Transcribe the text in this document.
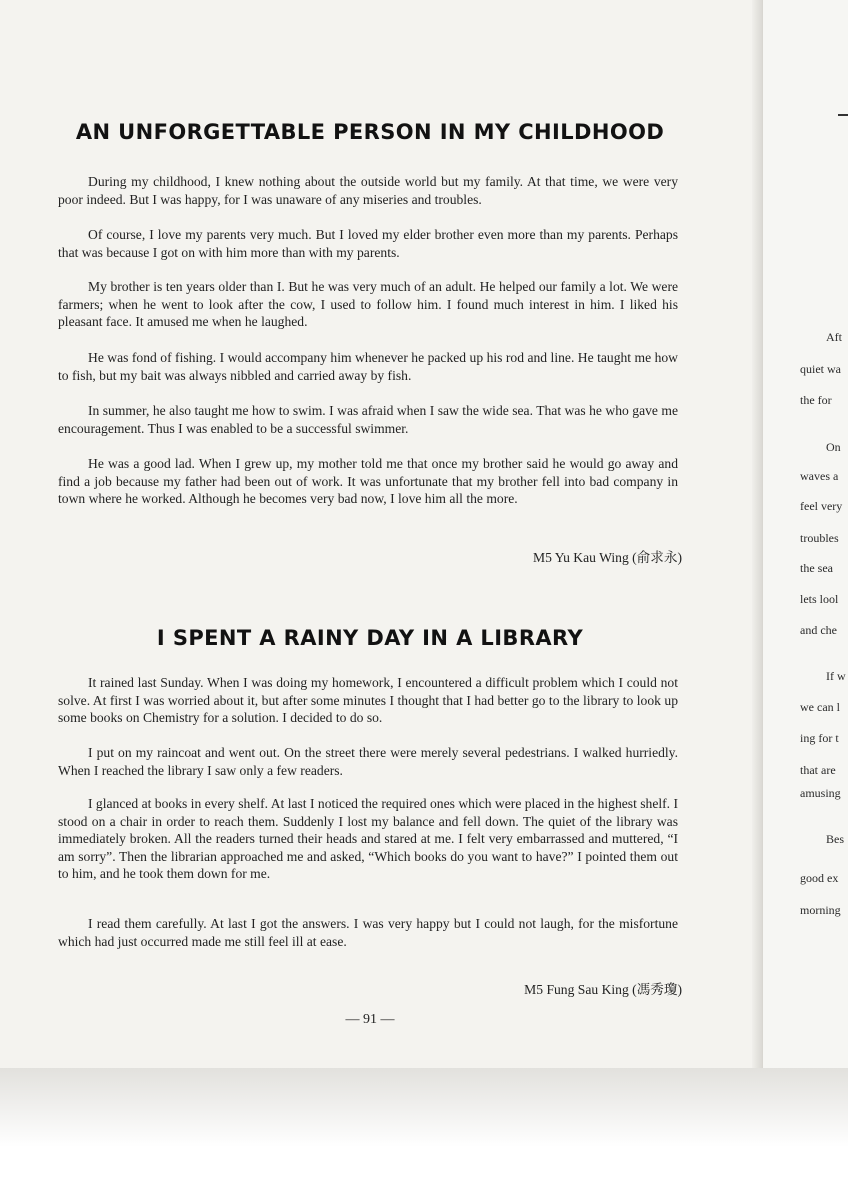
AN UNFORGETTABLE PERSON IN MY CHILDHOOD

During my childhood, I knew nothing about the outside world but my family. At that time, we were very poor indeed. But I was happy, for I was unaware of any miseries and troubles.

Of course, I love my parents very much. But I loved my elder brother even more than my parents. Perhaps that was because I got on with him more than with my parents.

My brother is ten years older than I. But he was very much of an adult. He helped our family a lot. We were farmers; when he went to look after the cow, I used to follow him. I found much interest in him. I liked his pleasant face. It amused me when he laughed.

He was fond of fishing. I would accompany him whenever he packed up his rod and line. He taught me how to fish, but my bait was always nibbled and carried away by fish.

In summer, he also taught me how to swim. I was afraid when I saw the wide sea. That was he who gave me encouragement. Thus I was enabled to be a successful swimmer.

He was a good lad. When I grew up, my mother told me that once my brother said he would go away and find a job because my father had been out of work. It was unfortunate that my brother fell into bad company in town where he worked. Although he becomes very bad now, I love him all the more.

M5 Yu Kau Wing (俞求永)

I SPENT A RAINY DAY IN A LIBRARY

It rained last Sunday. When I was doing my homework, I encountered a difficult problem which I could not solve. At first I was worried about it, but after some minutes I thought that I had better go to the library to look up some books on Chemistry for a solution. I decided to do so.

I put on my raincoat and went out. On the street there were merely several pedestrians. I walked hurriedly. When I reached the library I saw only a few readers.

I glanced at books in every shelf. At last I noticed the required ones which were placed in the highest shelf. I stood on a chair in order to reach them. Suddenly I lost my balance and fell down. The quiet of the library was immediately broken. All the readers turned their heads and stared at me. I felt very embarrassed and muttered, “I am sorry”. Then the librarian approached me and asked, “Which books do you want to have?” I pointed them out to him, and he took them down for me.

I read them carefully. At last I got the answers. I was very happy but I could not laugh, for the misfortune which had just occurred made me still feel ill at ease.

M5 Fung Sau King (馮秀瓊)

— 91 —

Aft

quiet wa

the for

On

waves a

feel very

troubles

the sea

lets lool

and che

If w

we can l

ing for t

that are

amusing

Bes

good ex

morning
